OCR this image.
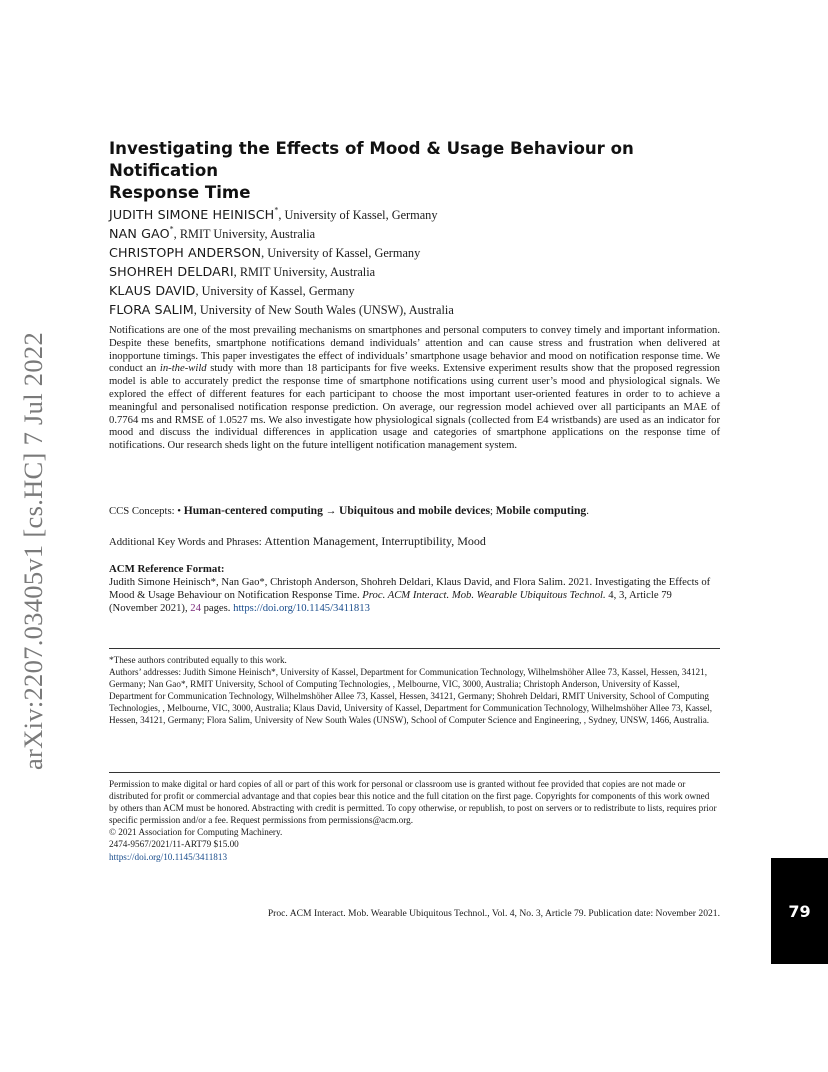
arXiv:2207.03405v1 [cs.HC] 7 Jul 2022
Investigating the Effects of Mood & Usage Behaviour on Notification
Response Time
JUDITH SIMONE HEINISCH*, University of Kassel, Germany
NAN GAO*, RMIT University, Australia
CHRISTOPH ANDERSON, University of Kassel, Germany
SHOHREH DELDARI, RMIT University, Australia
KLAUS DAVID, University of Kassel, Germany
FLORA SALIM, University of New South Wales (UNSW), Australia

Notifications are one of the most prevailing mechanisms on smartphones and personal computers to convey timely and important information. Despite these benefits, smartphone notifications demand individuals’ attention and can cause stress and frustration when delivered at inopportune timings. This paper investigates the effect of individuals’ smartphone usage behavior and mood on notification response time. We conduct an in-the-wild study with more than 18 participants for five weeks. Extensive experiment results show that the proposed regression model is able to accurately predict the response time of smartphone notifications using current user’s mood and physiological signals. We explored the effect of different features for each participant to choose the most important user-oriented features in order to to achieve a meaningful and personalised notification response prediction. On average, our regression model achieved over all participants an MAE of 0.7764 ms and RMSE of 1.0527 ms. We also investigate how physiological signals (collected from E4 wristbands) are used as an indicator for mood and discuss the individual differences in application usage and categories of smartphone applications on the response time of notifications. Our research sheds light on the future intelligent notification management system.

CCS Concepts: • Human-centered computing → Ubiquitous and mobile devices; Mobile computing.
Additional Key Words and Phrases: Attention Management, Interruptibility, Mood
ACM Reference Format:
Judith Simone Heinisch*, Nan Gao*, Christoph Anderson, Shohreh Deldari, Klaus David, and Flora Salim. 2021. Investigating the Effects of Mood & Usage Behaviour on Notification Response Time. Proc. ACM Interact. Mob. Wearable Ubiquitous Technol. 4, 3, Article 79 (November 2021), 24 pages. https://doi.org/10.1145/3411813

*These authors contributed equally to this work.

Authors’ addresses: Judith Simone Heinisch*, University of Kassel, Department for Communication Technology, Wilhelmshöher Allee 73, Kassel, Hessen, 34121, Germany; Nan Gao*, RMIT University, School of Computing Technologies, , Melbourne, VIC, 3000, Australia; Christoph Anderson, University of Kassel, Department for Communication Technology, Wilhelmshöher Allee 73, Kassel, Hessen, 34121, Germany; Shohreh Deldari, RMIT University, School of Computing Technologies, , Melbourne, VIC, 3000, Australia; Klaus David, University of Kassel, Department for Communication Technology, Wilhelmshöher Allee 73, Kassel, Hessen, 34121, Germany; Flora Salim, University of New South Wales (UNSW), School of Computer Science and Engineering, , Sydney, UNSW, 1466, Australia.

Permission to make digital or hard copies of all or part of this work for personal or classroom use is granted without fee provided that copies are not made or distributed for profit or commercial advantage and that copies bear this notice and the full citation on the first page. Copyrights for components of this work owned by others than ACM must be honored. Abstracting with credit is permitted. To copy otherwise, or republish, to post on servers or to redistribute to lists, requires prior specific permission and/or a fee. Request permissions from permissions@acm.org.

© 2021 Association for Computing Machinery.

2474-9567/2021/11-ART79 $15.00

https://doi.org/10.1145/3411813

Proc. ACM Interact. Mob. Wearable Ubiquitous Technol., Vol. 4, No. 3, Article 79. Publication date: November 2021.	79
